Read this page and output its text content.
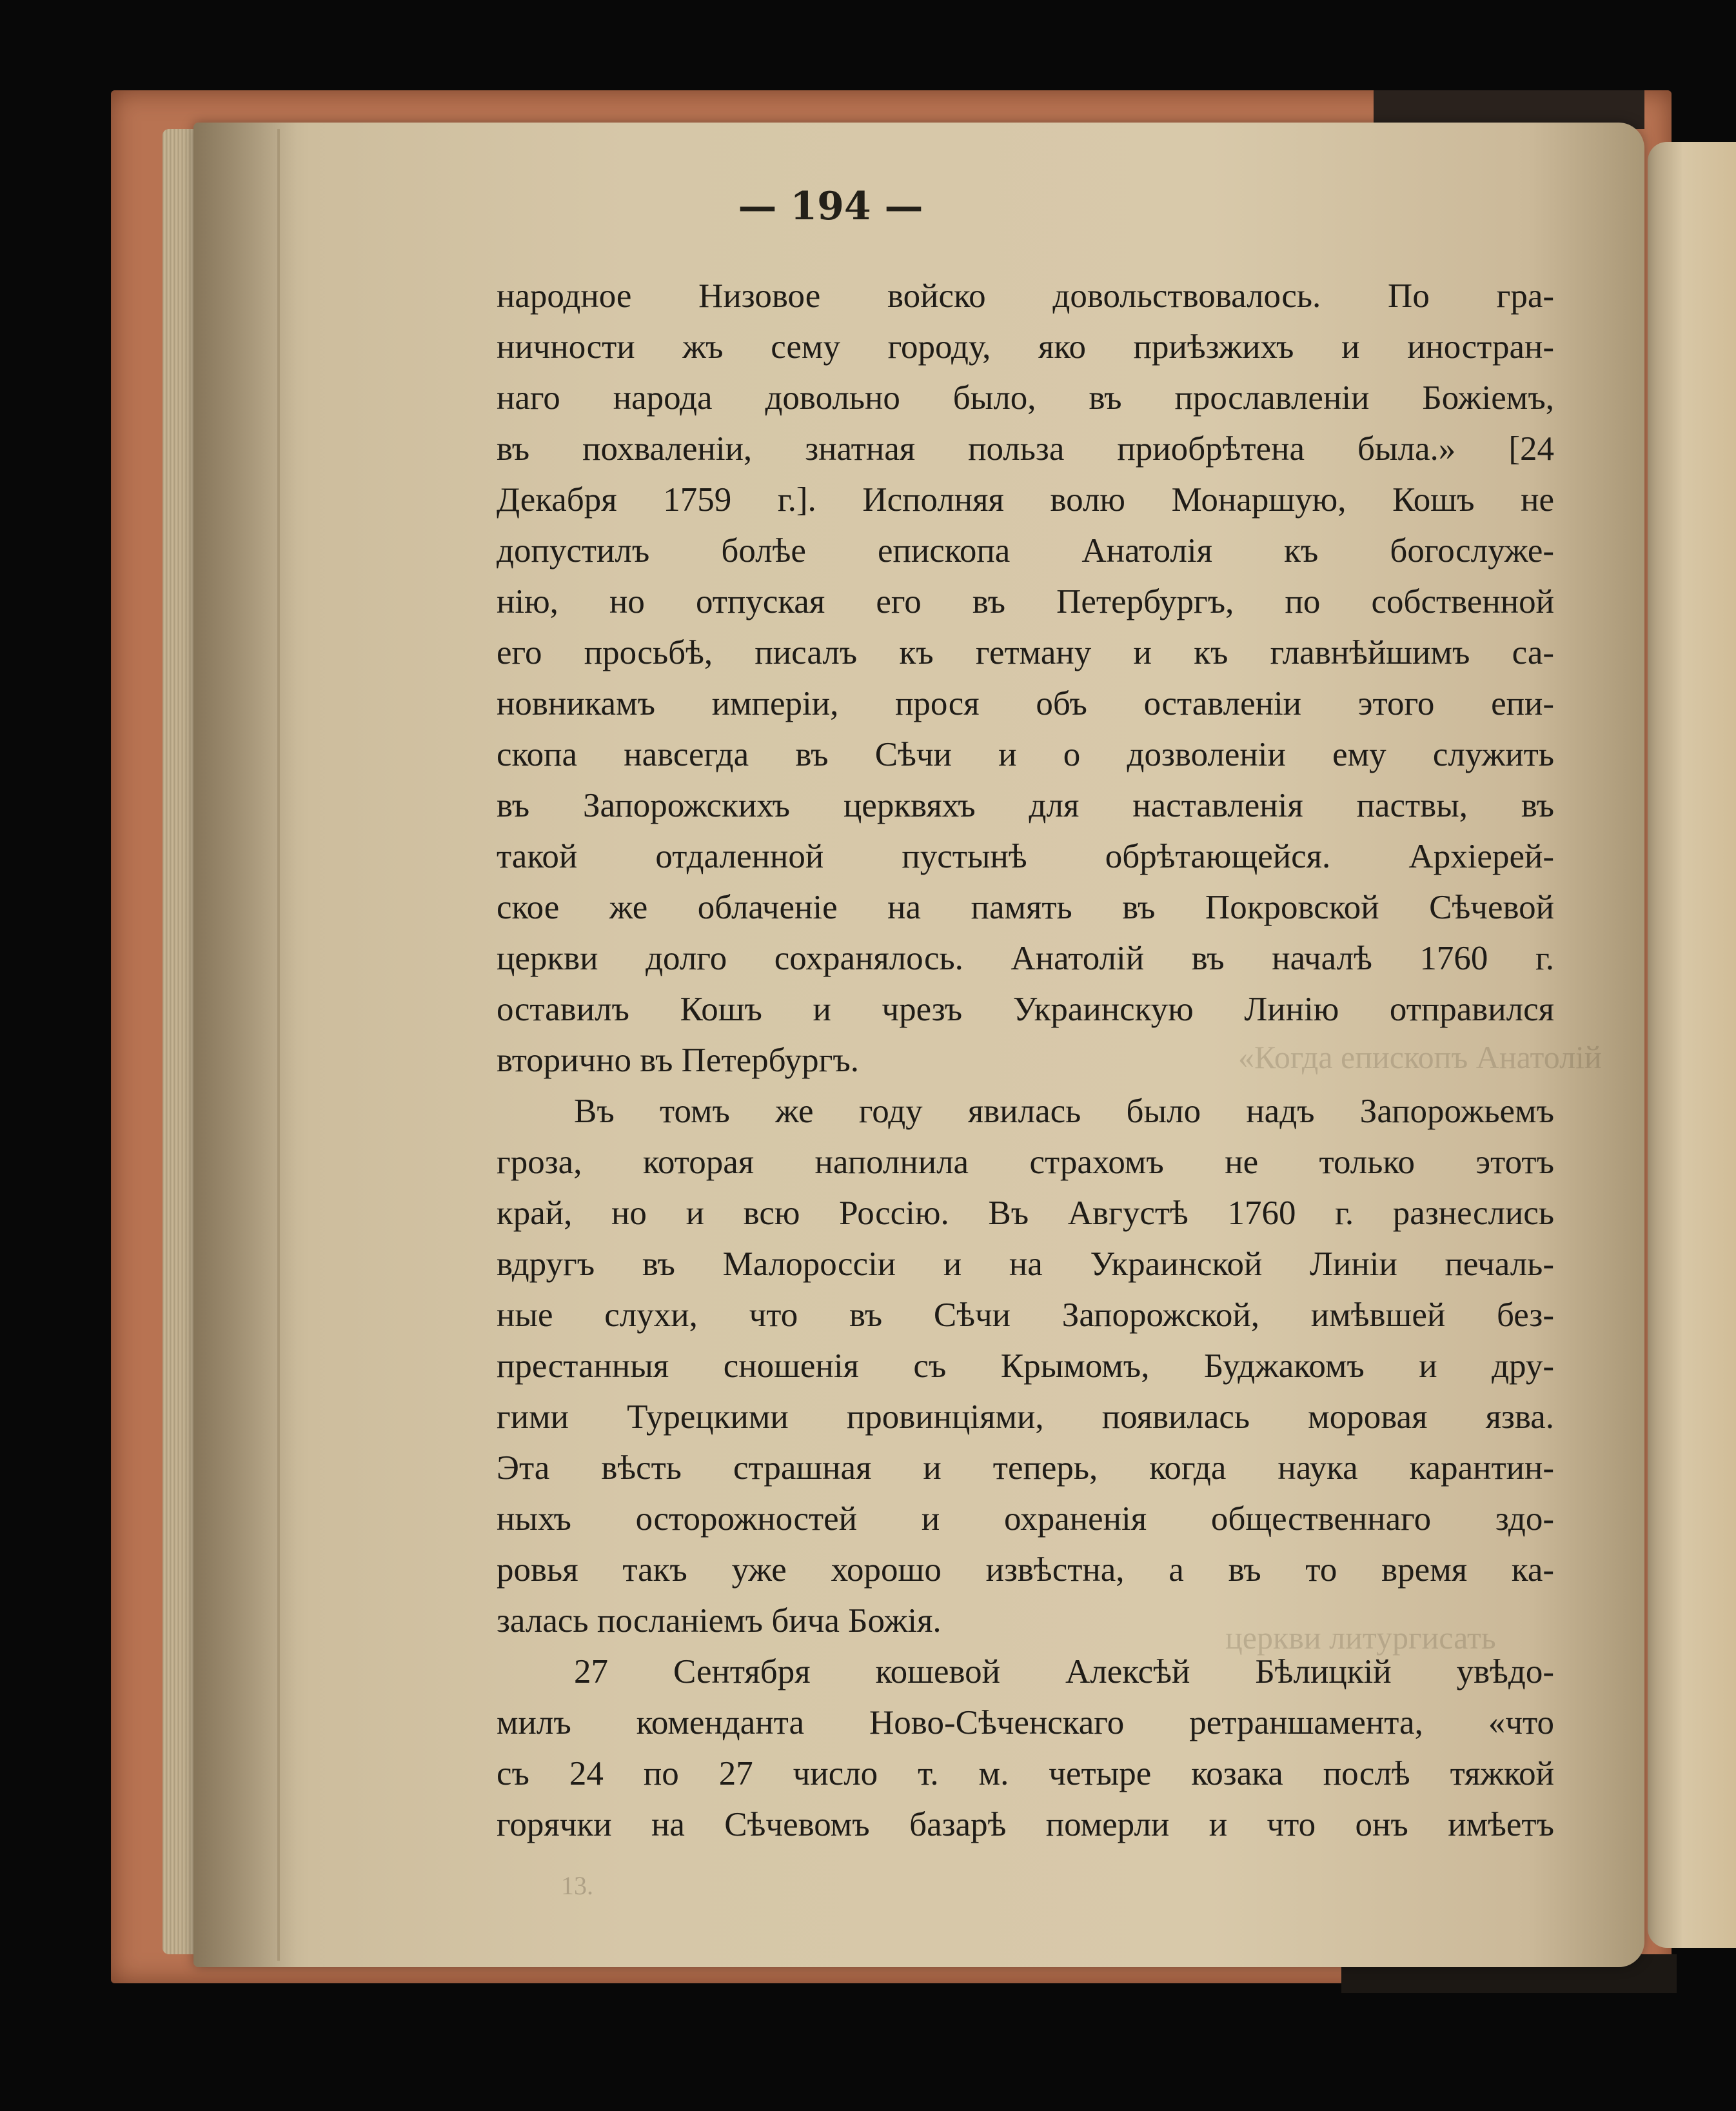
— 194 —
«Когда епископъ Анатолій
церкви литургисать
13.
народное Низовое войско довольствовалось. По гра-
ничности жъ сему городу, яко приѣзжихъ и иностран-
наго народа довольно было, въ прославленіи Божіемъ,
въ похваленіи, знатная польза приобрѣтена была.» [24
Декабря 1759 г.]. Исполняя волю Монаршую, Кошъ не
допустилъ болѣе епископа Анатолія къ богослуже-
нію, но отпуская его въ Петербургъ, по собственной
его просьбѣ, писалъ къ гетману и къ главнѣйшимъ са-
новникамъ имперіи, прося объ оставленіи этого епи-
скопа навсегда въ Сѣчи и о дозволеніи ему служить
въ Запорожскихъ церквяхъ для наставленія паствы, въ
такой отдаленной пустынѣ обрѣтающейся. Архіерей-
ское же облаченіе на память въ Покровской Сѣчевой
церкви долго сохранялось. Анатолій въ началѣ 1760 г.
оставилъ Кошъ и чрезъ Украинскую Линію отправился
вторично въ Петербургъ.
Въ томъ же году явилась было надъ Запорожьемъ
гроза, которая наполнила страхомъ не только этотъ
край, но и всю Россію. Въ Августѣ 1760 г. разнеслись
вдругъ въ Малороссіи и на Украинской Линіи печаль-
ные слухи, что въ Сѣчи Запорожской, имѣвшей без-
престанныя сношенія съ Крымомъ, Буджакомъ и дру-
гими Турецкими провинціями, появилась моровая язва.
Эта вѣсть страшная и теперь, когда наука карантин-
ныхъ осторожностей и охраненія общественнаго здо-
ровья такъ уже хорошо извѣстна, а въ то время ка-
залась посланіемъ бича Божія.
27 Сентября кошевой Алексѣй Бѣлицкій увѣдо-
милъ коменданта Ново-Сѣченскаго ретраншамента, «что
съ 24 по 27 число т. м. четыре козака послѣ тяжкой
горячки на Сѣчевомъ базарѣ померли и что онъ имѣетъ
